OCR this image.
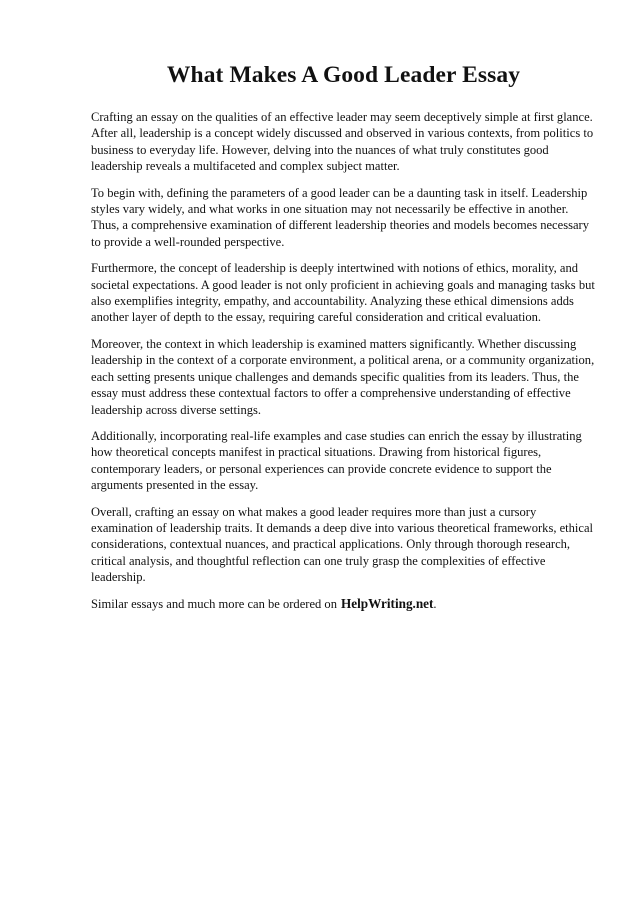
What Makes A Good Leader Essay

Crafting an essay on the qualities of an effective leader may seem deceptively simple at first glance. After all, leadership is a concept widely discussed and observed in various contexts, from politics to business to everyday life. However, delving into the nuances of what truly constitutes good leadership reveals a multifaceted and complex subject matter.

To begin with, defining the parameters of a good leader can be a daunting task in itself. Leadership styles vary widely, and what works in one situation may not necessarily be effective in another. Thus, a comprehensive examination of different leadership theories and models becomes necessary to provide a well-rounded perspective.

Furthermore, the concept of leadership is deeply intertwined with notions of ethics, morality, and societal expectations. A good leader is not only proficient in achieving goals and managing tasks but also exemplifies integrity, empathy, and accountability. Analyzing these ethical dimensions adds another layer of depth to the essay, requiring careful consideration and critical evaluation.

Moreover, the context in which leadership is examined matters significantly. Whether discussing leadership in the context of a corporate environment, a political arena, or a community organization, each setting presents unique challenges and demands specific qualities from its leaders. Thus, the essay must address these contextual factors to offer a comprehensive understanding of effective leadership across diverse settings.

Additionally, incorporating real-life examples and case studies can enrich the essay by illustrating how theoretical concepts manifest in practical situations. Drawing from historical figures, contemporary leaders, or personal experiences can provide concrete evidence to support the arguments presented in the essay.

Overall, crafting an essay on what makes a good leader requires more than just a cursory examination of leadership traits. It demands a deep dive into various theoretical frameworks, ethical considerations, contextual nuances, and practical applications. Only through thorough research, critical analysis, and thoughtful reflection can one truly grasp the complexities of effective leadership.

Similar essays and much more can be ordered on HelpWriting.net.
